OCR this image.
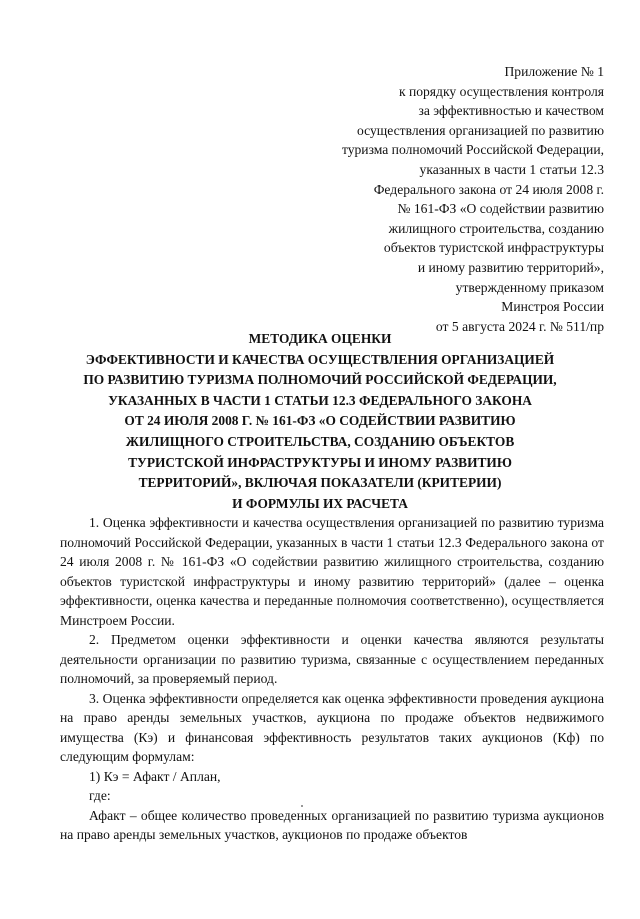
Приложение № 1
к порядку осуществления контроля
за эффективностью и качеством
осуществления организацией по развитию
туризма полномочий Российской Федерации,
указанных в части 1 статьи 12.3
Федерального закона от 24 июля 2008 г.
№ 161-ФЗ «О содействии развитию
жилищного строительства, созданию
объектов туристской инфраструктуры
и иному развитию территорий»,
утвержденному приказом
Минстроя России
от 5 августа 2024 г. № 511/пр
МЕТОДИКА ОЦЕНКИ
ЭФФЕКТИВНОСТИ И КАЧЕСТВА ОСУЩЕСТВЛЕНИЯ ОРГАНИЗАЦИЕЙ
ПО РАЗВИТИЮ ТУРИЗМА ПОЛНОМОЧИЙ РОССИЙСКОЙ ФЕДЕРАЦИИ,
УКАЗАННЫХ В ЧАСТИ 1 СТАТЬИ 12.3 ФЕДЕРАЛЬНОГО ЗАКОНА
ОТ 24 ИЮЛЯ 2008 Г. № 161-ФЗ «О СОДЕЙСТВИИ РАЗВИТИЮ
ЖИЛИЩНОГО СТРОИТЕЛЬСТВА, СОЗДАНИЮ ОБЪЕКТОВ
ТУРИСТСКОЙ ИНФРАСТРУКТУРЫ И ИНОМУ РАЗВИТИЮ
ТЕРРИТОРИЙ», ВКЛЮЧАЯ ПОКАЗАТЕЛИ (КРИТЕРИИ)
И ФОРМУЛЫ ИХ РАСЧЕТА

1. Оценка эффективности и качества осуществления организацией по развитию туризма полномочий Российской Федерации, указанных в части 1 статьи 12.3 Федерального закона от 24 июля 2008 г. № 161-ФЗ «О содействии развитию жилищного строительства, созданию объектов туристской инфраструктуры и иному развитию территорий» (далее – оценка эффективности, оценка качества и переданные полномочия соответственно), осуществляется Минстроем России.

2. Предметом оценки эффективности и оценки качества являются результаты деятельности организации по развитию туризма, связанные с осуществлением переданных полномочий, за проверяемый период.

3. Оценка эффективности определяется как оценка эффективности проведения аукциона на право аренды земельных участков, аукциона по продаже объектов недвижимого имущества (Кэ) и финансовая эффективность результатов таких аукционов (Кф) по следующим формулам:

1) Кэ = Афакт / Аплан,

где:

Афакт – общее количество проведенных организацией по развитию туризма аукционов на право аренды земельных участков, аукционов по продаже объектов
